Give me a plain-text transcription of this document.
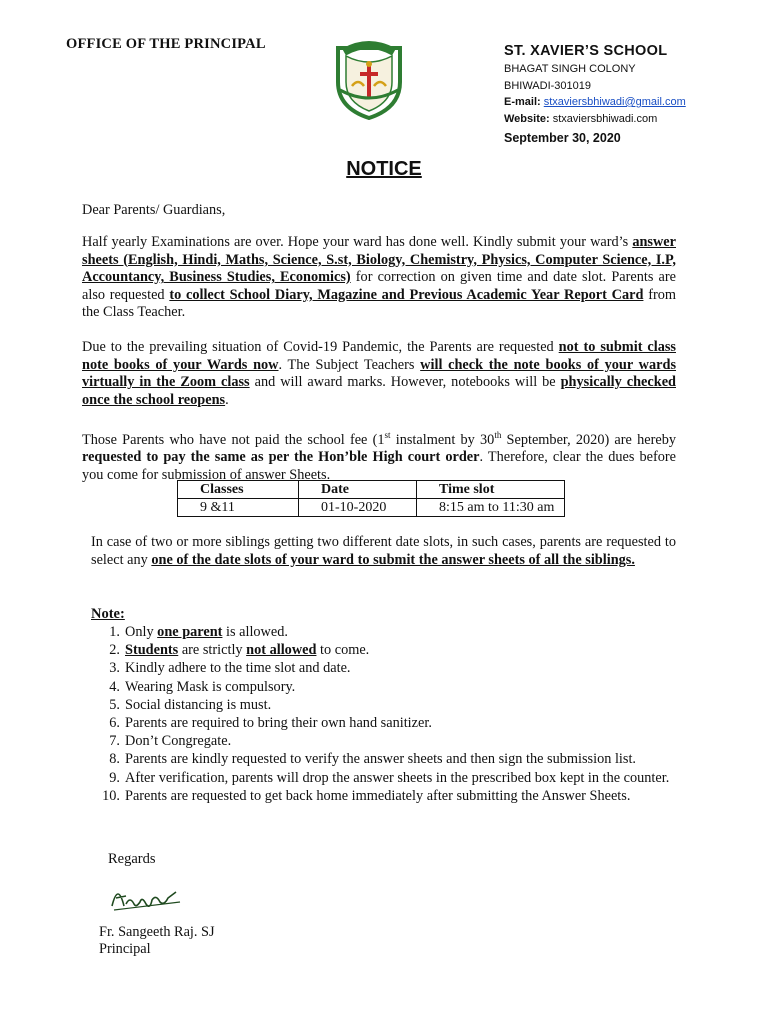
OFFICE OF THE PRINCIPAL	ST. XAVIER’S SCHOOL
BHAGAT SINGH COLONY
BHIWADI-301019
E-mail: stxaviersbhiwadi@gmail.com
Website: stxaviersbhiwadi.com
September 30, 2020
NOTICE
Dear Parents/ Guardians,
Half yearly Examinations are over. Hope your ward has done well. Kindly submit your ward’s answer sheets (English, Hindi, Maths, Science, S.st, Biology, Chemistry, Physics, Computer Science, I.P, Accountancy, Business Studies, Economics) for correction on given time and date slot. Parents are also requested to collect School Diary, Magazine and Previous Academic Year Report Card from the Class Teacher.
Due to the prevailing situation of Covid-19 Pandemic, the Parents are requested not to submit class note books of your Wards now. The Subject Teachers will check the note books of your wards virtually in the Zoom class and will award marks. However, notebooks will be physically checked once the school reopens.
Those Parents who have not paid the school fee (1st instalment by 30th September, 2020) are hereby requested to pay the same as per the Hon’ble High court order. Therefore, clear the dues before you come for submission of answer Sheets.
Classes	Date	Time slot
9 &11	01-10-2020	8:15 am to 11:30 am
In case of two or more siblings getting two different date slots, in such cases, parents are requested to select any one of the date slots of your ward to submit the answer sheets of all the siblings.
Note:
1. Only one parent is allowed.
2. Students are strictly not allowed to come.
3. Kindly adhere to the time slot and date.
4. Wearing Mask is compulsory.
5. Social distancing is must.
6. Parents are required to bring their own hand sanitizer.
7. Don’t Congregate.
8. Parents are kindly requested to verify the answer sheets and then sign the submission list.
9. After verification, parents will drop the answer sheets in the prescribed box kept in the counter.
10. Parents are requested to get back home immediately after submitting the Answer Sheets.
Regards
Fr. Sangeeth Raj. SJ
Principal
